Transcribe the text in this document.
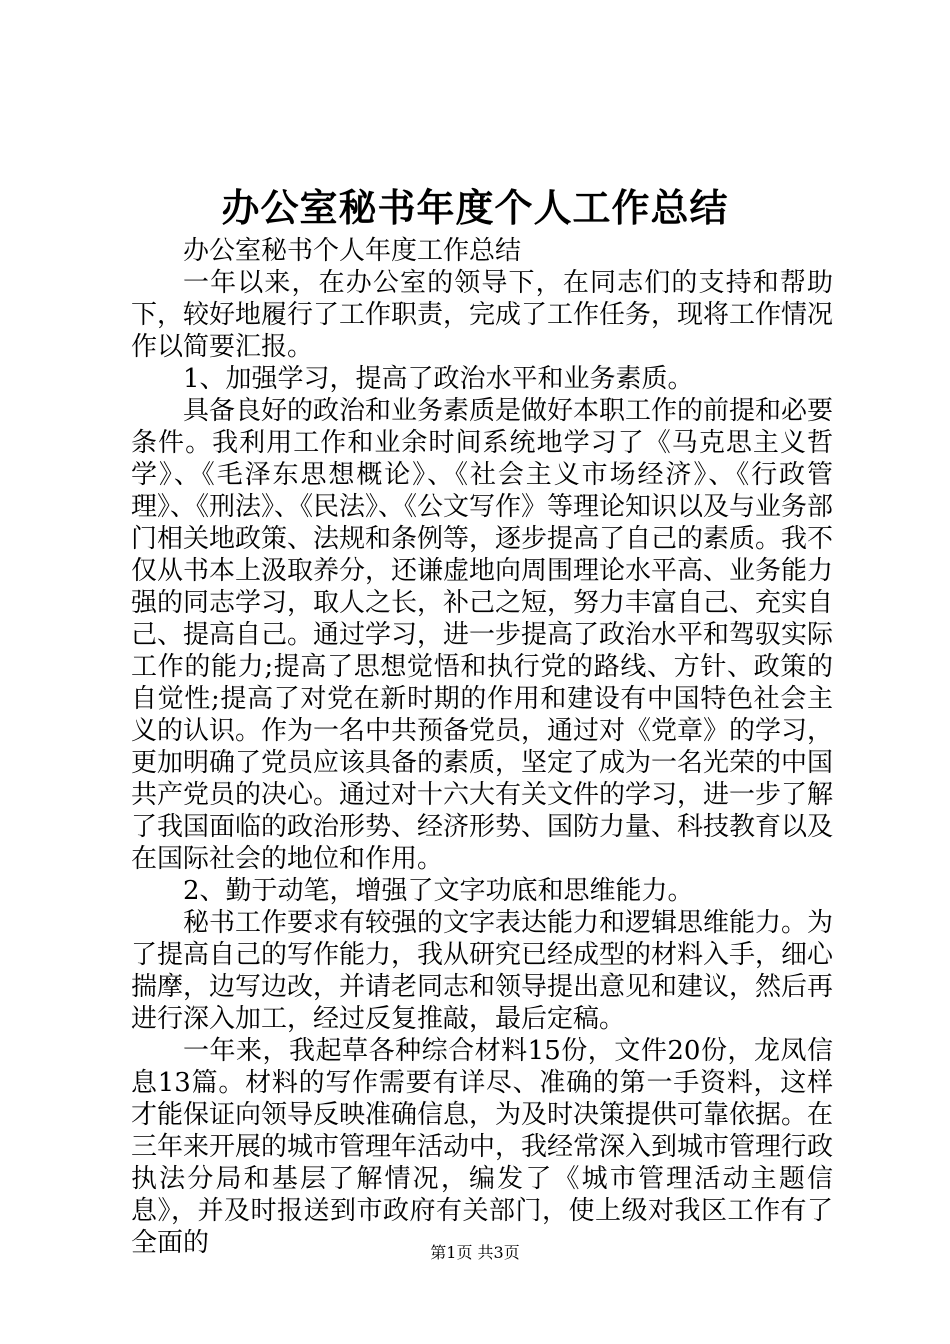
办公室秘书年度个人工作总结

办公室秘书个人年度工作总结

一年以来，在办公室的领导下，在同志们的支持和帮助下，较好地履行了工作职责，完成了工作任务，现将工作情况作以简要汇报。

1、加强学习，提高了政治水平和业务素质。

具备良好的政治和业务素质是做好本职工作的前提和必要条件。我利用工作和业余时间系统地学习了《马克思主义哲学》、《毛泽东思想概论》、《社会主义市场经济》、《行政管理》、《刑法》、《民法》、《公文写作》等理论知识以及与业务部门相关地政策、法规和条例等，逐步提高了自己的素质。我不仅从书本上汲取养分，还谦虚地向周围理论水平高、业务能力强的同志学习，取人之长，补己之短，努力丰富自己、充实自己、提高自己。通过学习，进一步提高了政治水平和驾驭实际工作的能力;提高了思想觉悟和执行党的路线、方针、政策的自觉性;提高了对党在新时期的作用和建设有中国特色社会主义的认识。作为一名中共预备党员，通过对《党章》的学习，更加明确了党员应该具备的素质，坚定了成为一名光荣的中国共产党员的决心。通过对十六大有关文件的学习，进一步了解了我国面临的政治形势、经济形势、国防力量、科技教育以及在国际社会的地位和作用。

2、勤于动笔，增强了文字功底和思维能力。

秘书工作要求有较强的文字表达能力和逻辑思维能力。为了提高自己的写作能力，我从研究已经成型的材料入手，细心揣摩，边写边改，并请老同志和领导提出意见和建议，然后再进行深入加工，经过反复推敲，最后定稿。

一年来，我起草各种综合材料15份，文件20份，龙凤信息13篇。材料的写作需要有详尽、准确的第一手资料，这样才能保证向领导反映准确信息，为及时决策提供可靠依据。在三年来开展的城市管理年活动中，我经常深入到城市管理行政执法分局和基层了解情况，编发了《城市管理活动主题信息》，并及时报送到市政府有关部门，使上级对我区工作有了全面的	第1页 共3页
